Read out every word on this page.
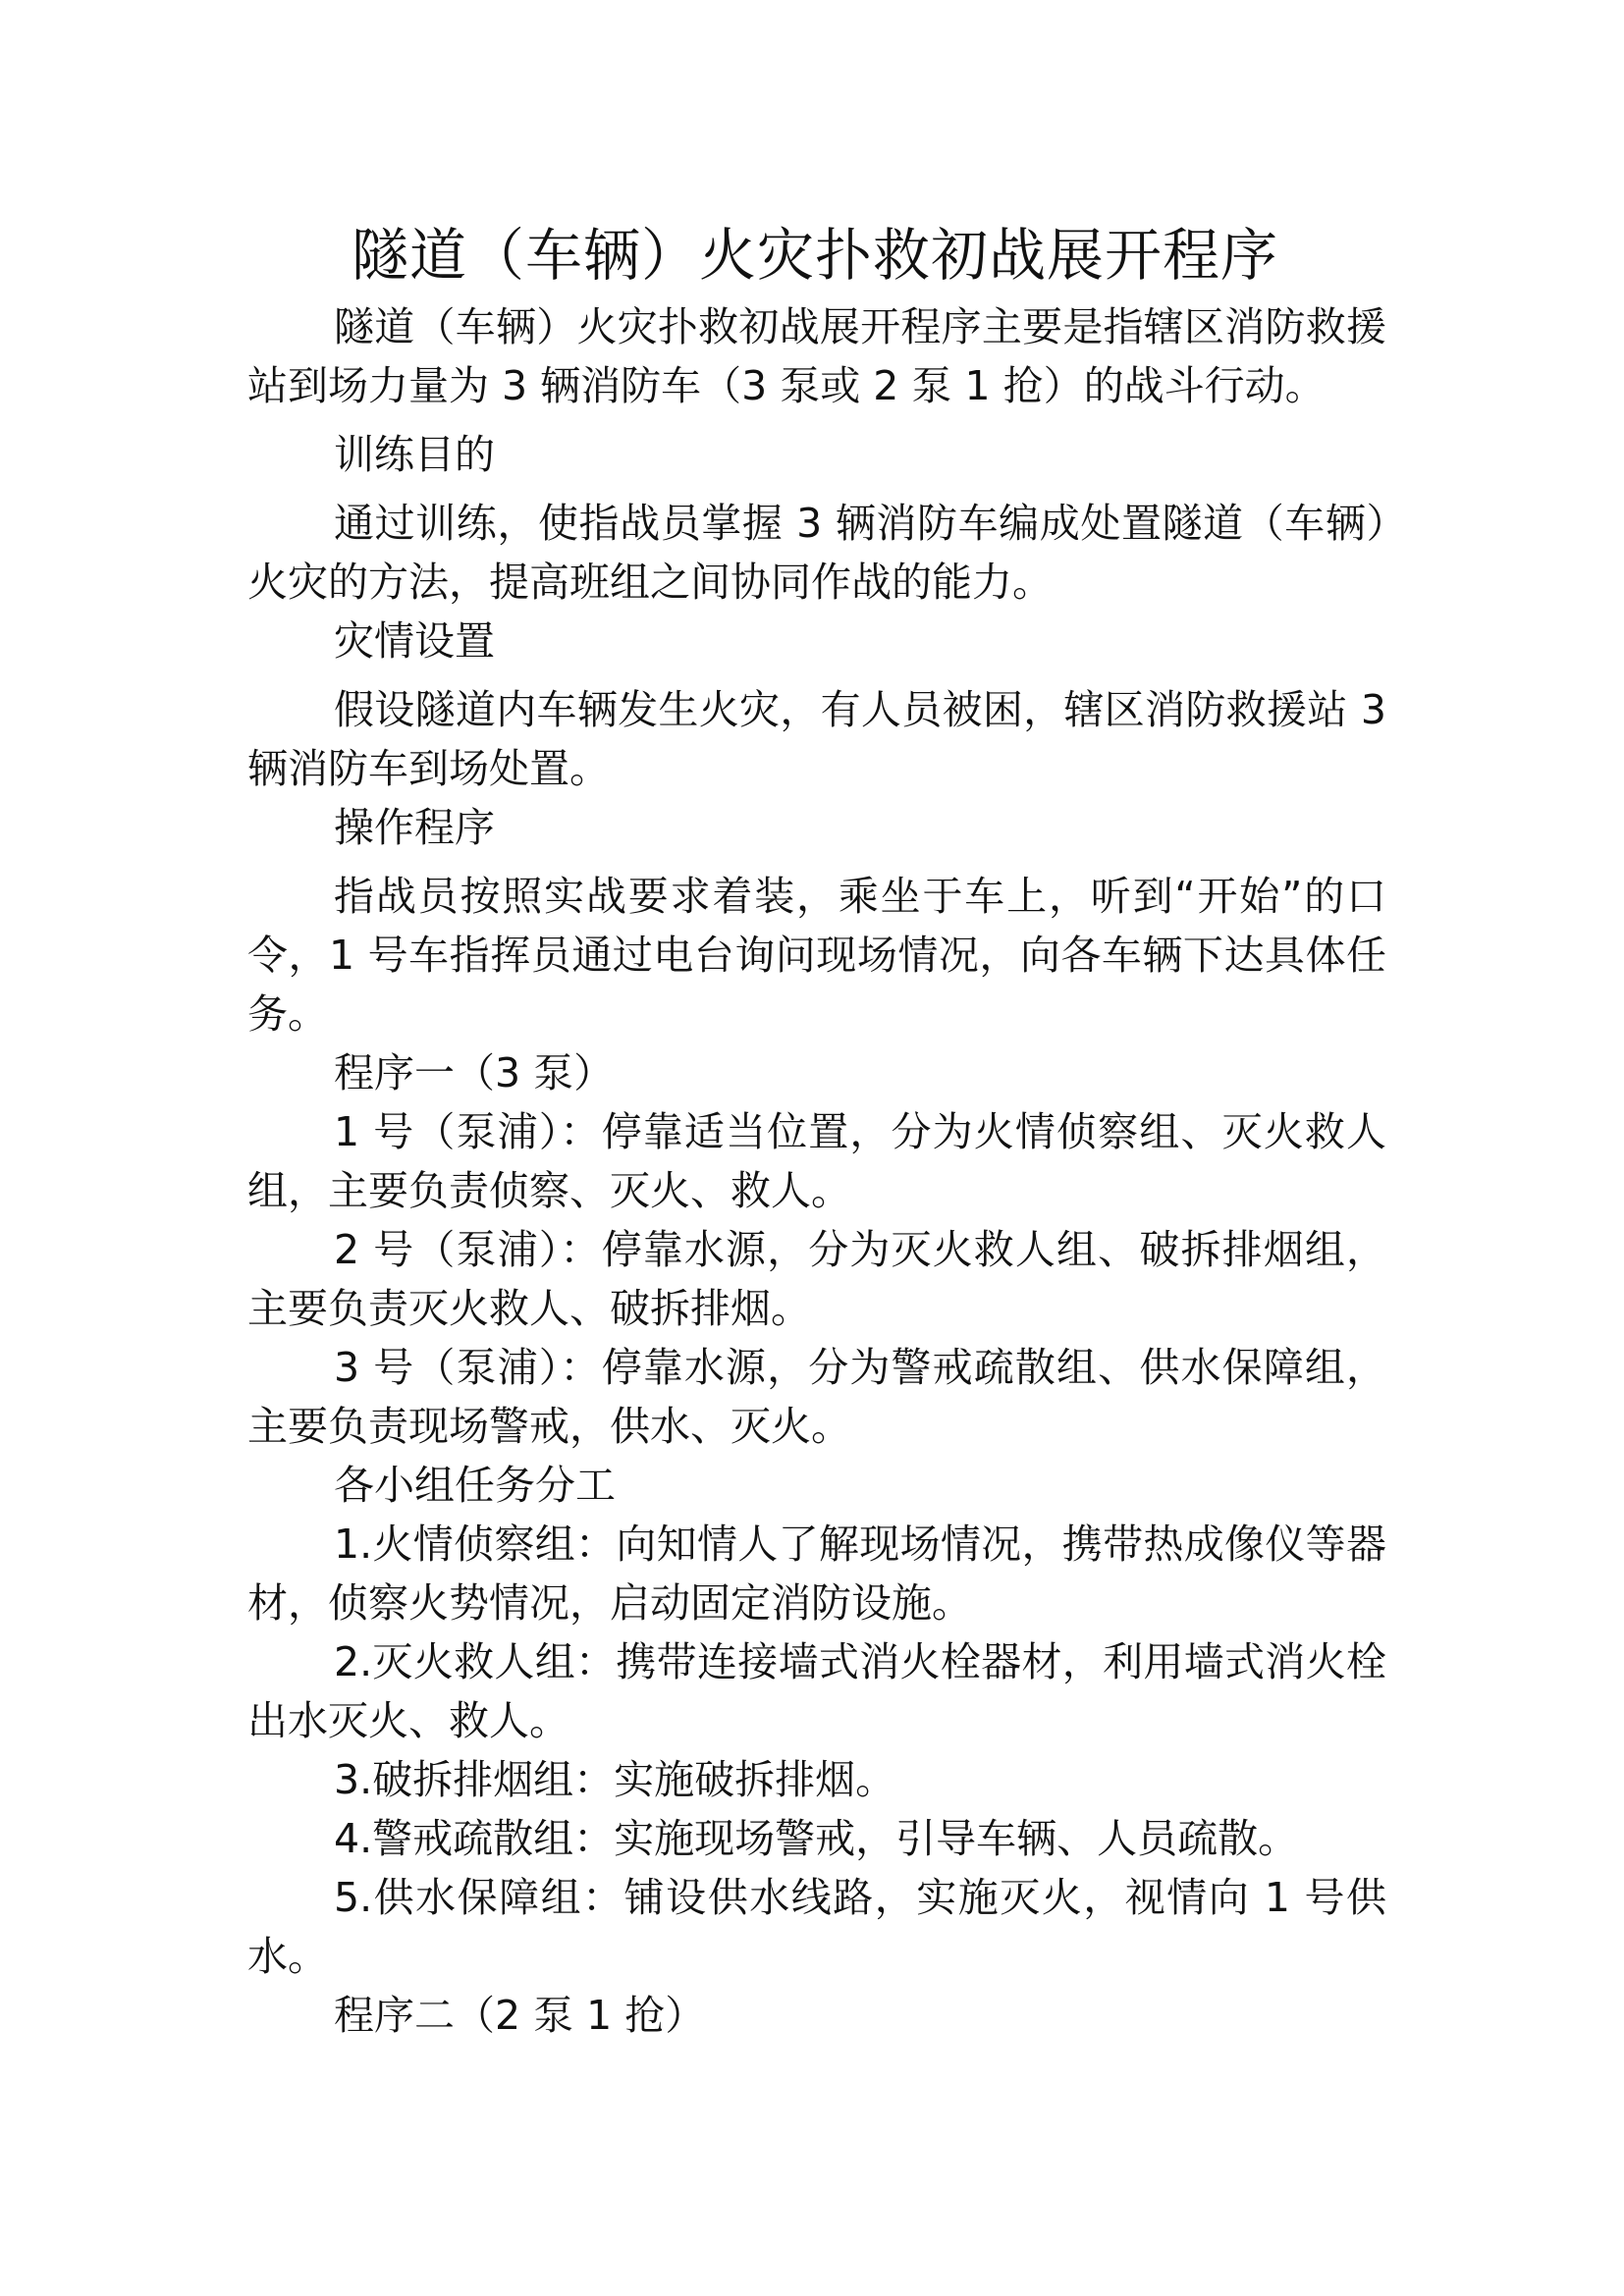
隧道（车辆）火灾扑救初战展开程序

隧道（车辆）火灾扑救初战展开程序主要是指辖区消防救援站到场力量为 3 辆消防车（3 泵或 2 泵 1 抢）的战斗行动。

训练目的

通过训练，使指战员掌握 3 辆消防车编成处置隧道（车辆）火灾的方法，提高班组之间协同作战的能力。

灾情设置

假设隧道内车辆发生火灾，有人员被困，辖区消防救援站 3 辆消防车到场处置。

操作程序

指战员按照实战要求着装，乘坐于车上，听到“开始”的口令，1 号车指挥员通过电台询问现场情况，向各车辆下达具体任务。

程序一（3 泵）

1 号（泵浦）：停靠适当位置，分为火情侦察组、灭火救人组，主要负责侦察、灭火、救人。

2 号（泵浦）：停靠水源，分为灭火救人组、破拆排烟组，主要负责灭火救人、破拆排烟。

3 号（泵浦）：停靠水源，分为警戒疏散组、供水保障组，主要负责现场警戒，供水、灭火。

各小组任务分工

1.火情侦察组：向知情人了解现场情况，携带热成像仪等器材，侦察火势情况，启动固定消防设施。

2.灭火救人组：携带连接墙式消火栓器材，利用墙式消火栓出水灭火、救人。

3.破拆排烟组：实施破拆排烟。

4.警戒疏散组：实施现场警戒，引导车辆、人员疏散。

5.供水保障组：铺设供水线路，实施灭火，视情向 1 号供水。

程序二（2 泵 1 抢）
